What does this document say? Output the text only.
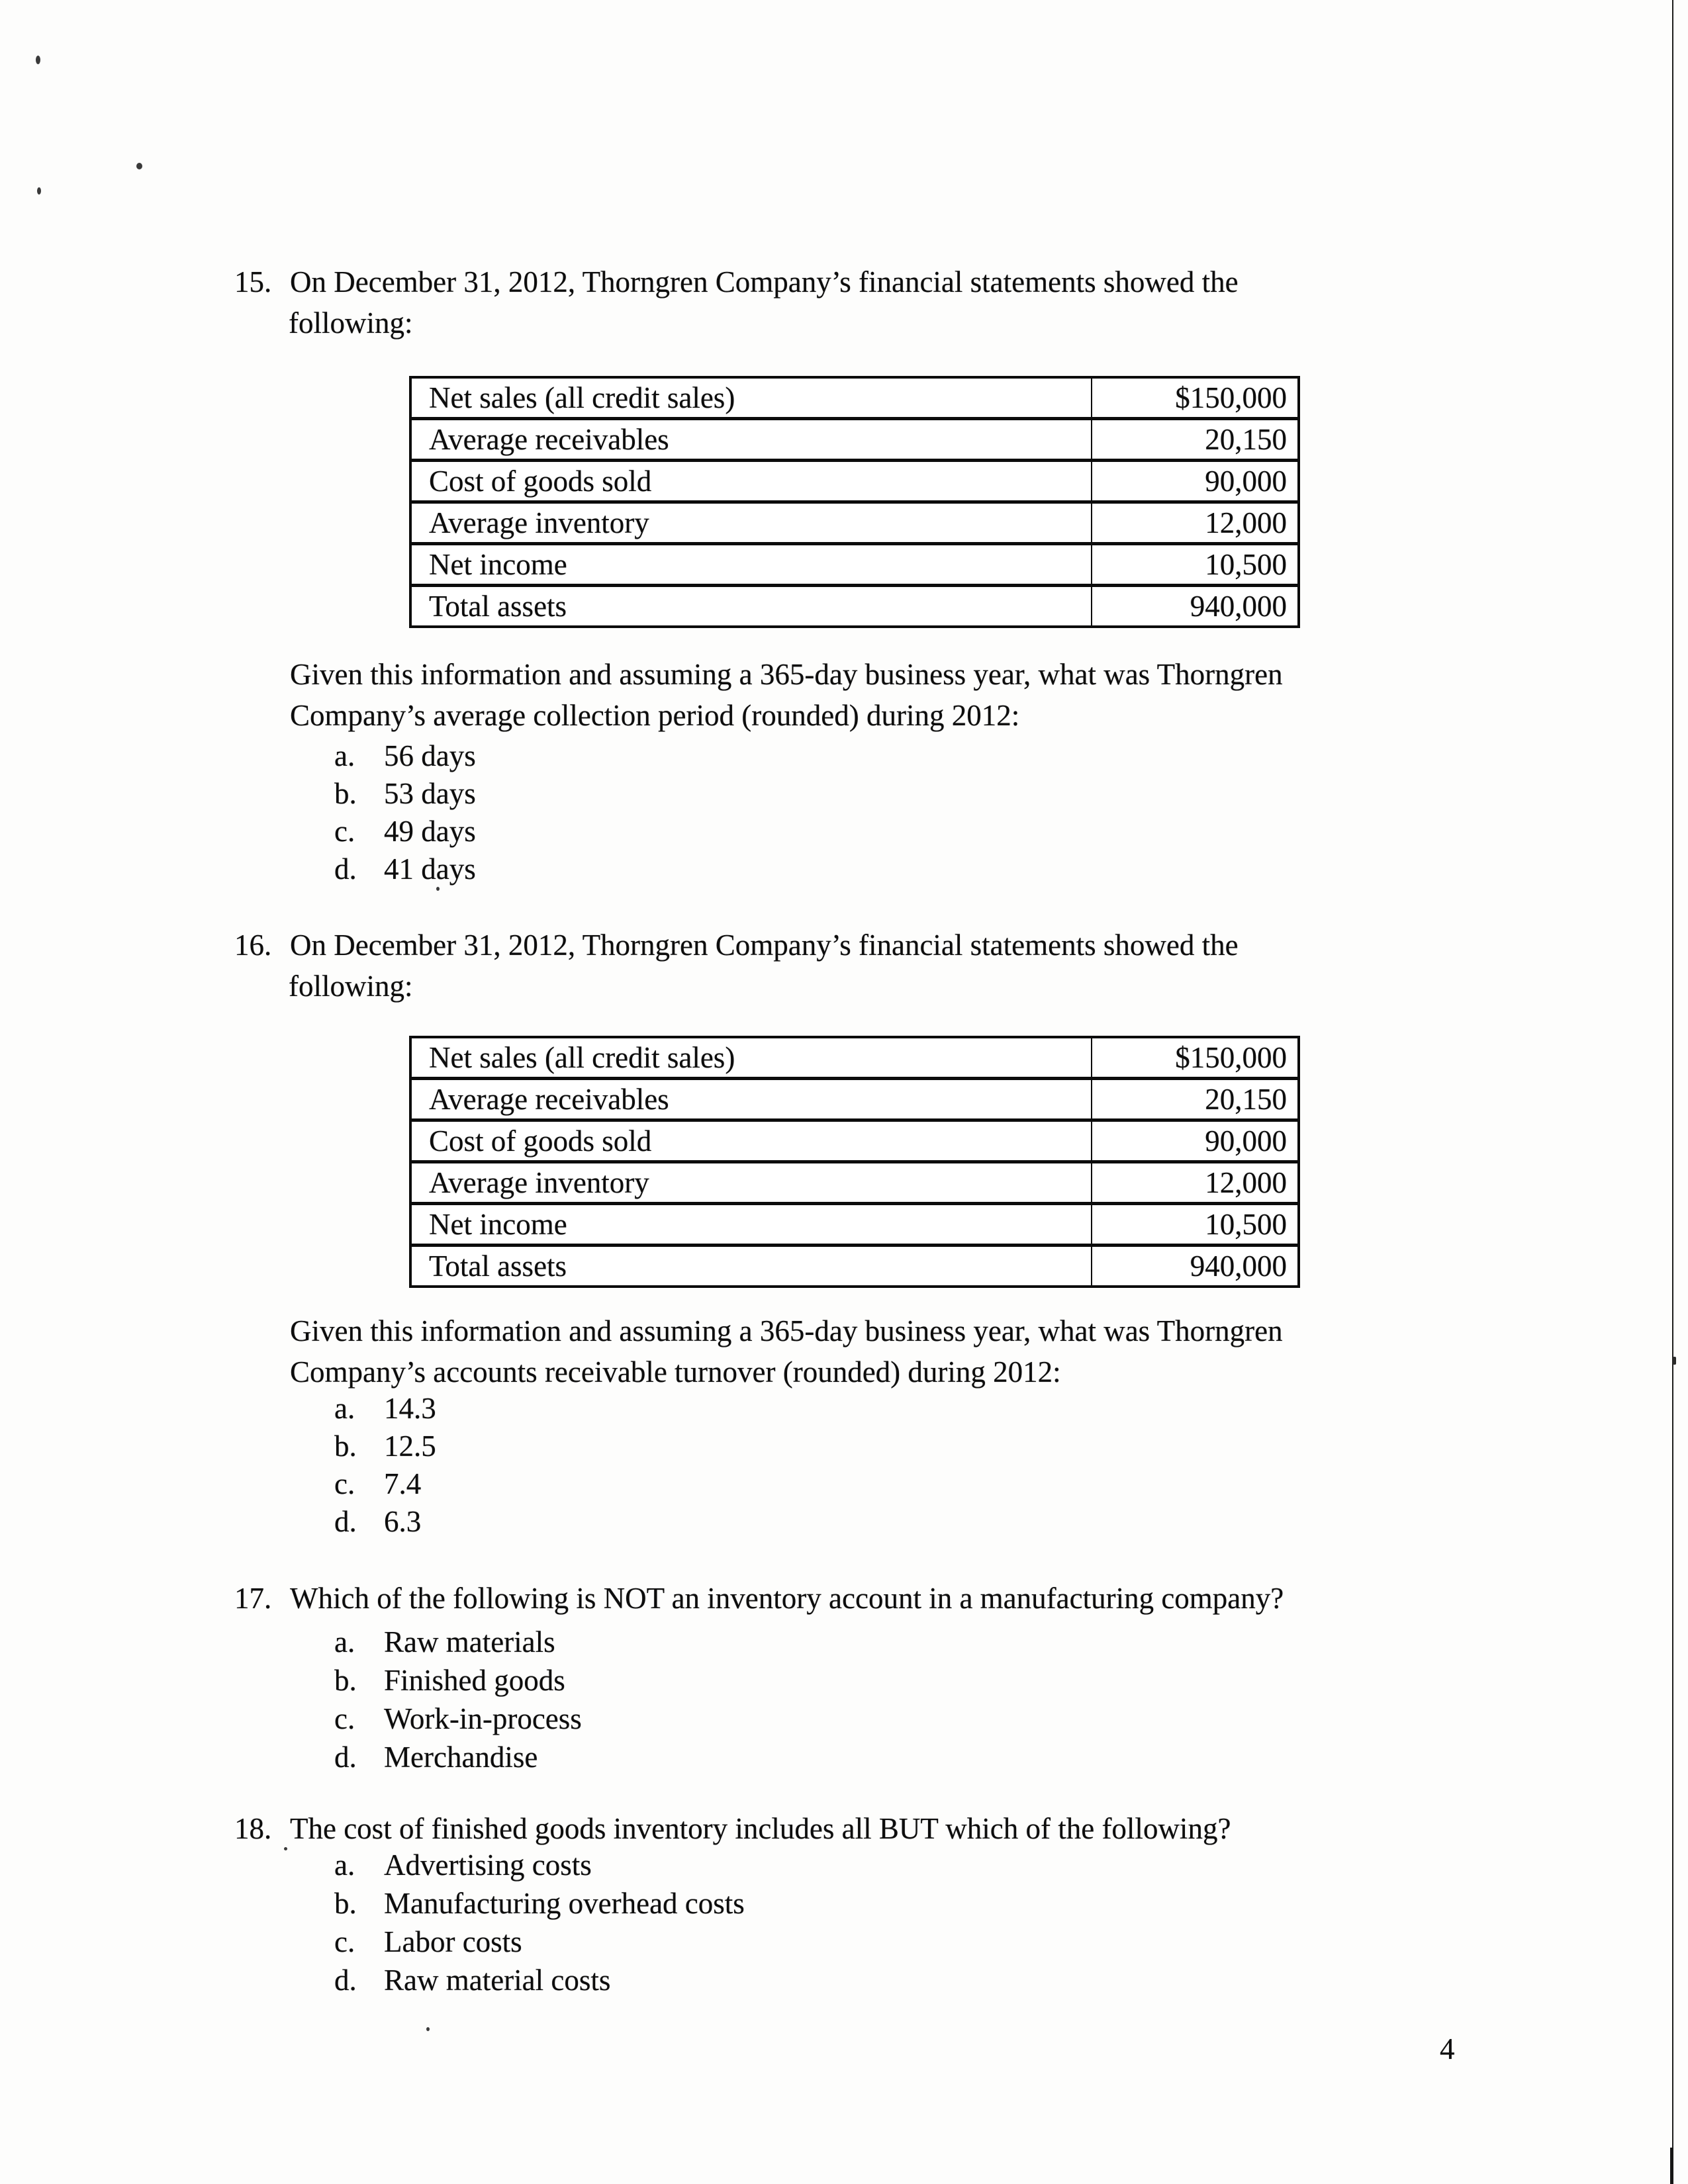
15. On December 31, 2012, Thorngren Company’s financial statements showed the
following:
Net sales (all credit sales)	$150,000
Average receivables	20,150
Cost of goods sold	90,000
Average inventory	12,000
Net income	10,500
Total assets	940,000
Given this information and assuming a 365-day business year, what was Thorngren
Company’s average collection period (rounded) during 2012:
a. 56 days
b. 53 days
c. 49 days
d. 41 days
16. On December 31, 2012, Thorngren Company’s financial statements showed the
following:
Net sales (all credit sales)	$150,000
Average receivables	20,150
Cost of goods sold	90,000
Average inventory	12,000
Net income	10,500
Total assets	940,000
Given this information and assuming a 365-day business year, what was Thorngren
Company’s accounts receivable turnover (rounded) during 2012:
a. 14.3
b. 12.5
c. 7.4
d. 6.3
17. Which of the following is NOT an inventory account in a manufacturing company?
a. Raw materials
b. Finished goods
c. Work-in-process
d. Merchandise
18. The cost of finished goods inventory includes all BUT which of the following?
a. Advertising costs
b. Manufacturing overhead costs
c. Labor costs
d. Raw material costs
4
